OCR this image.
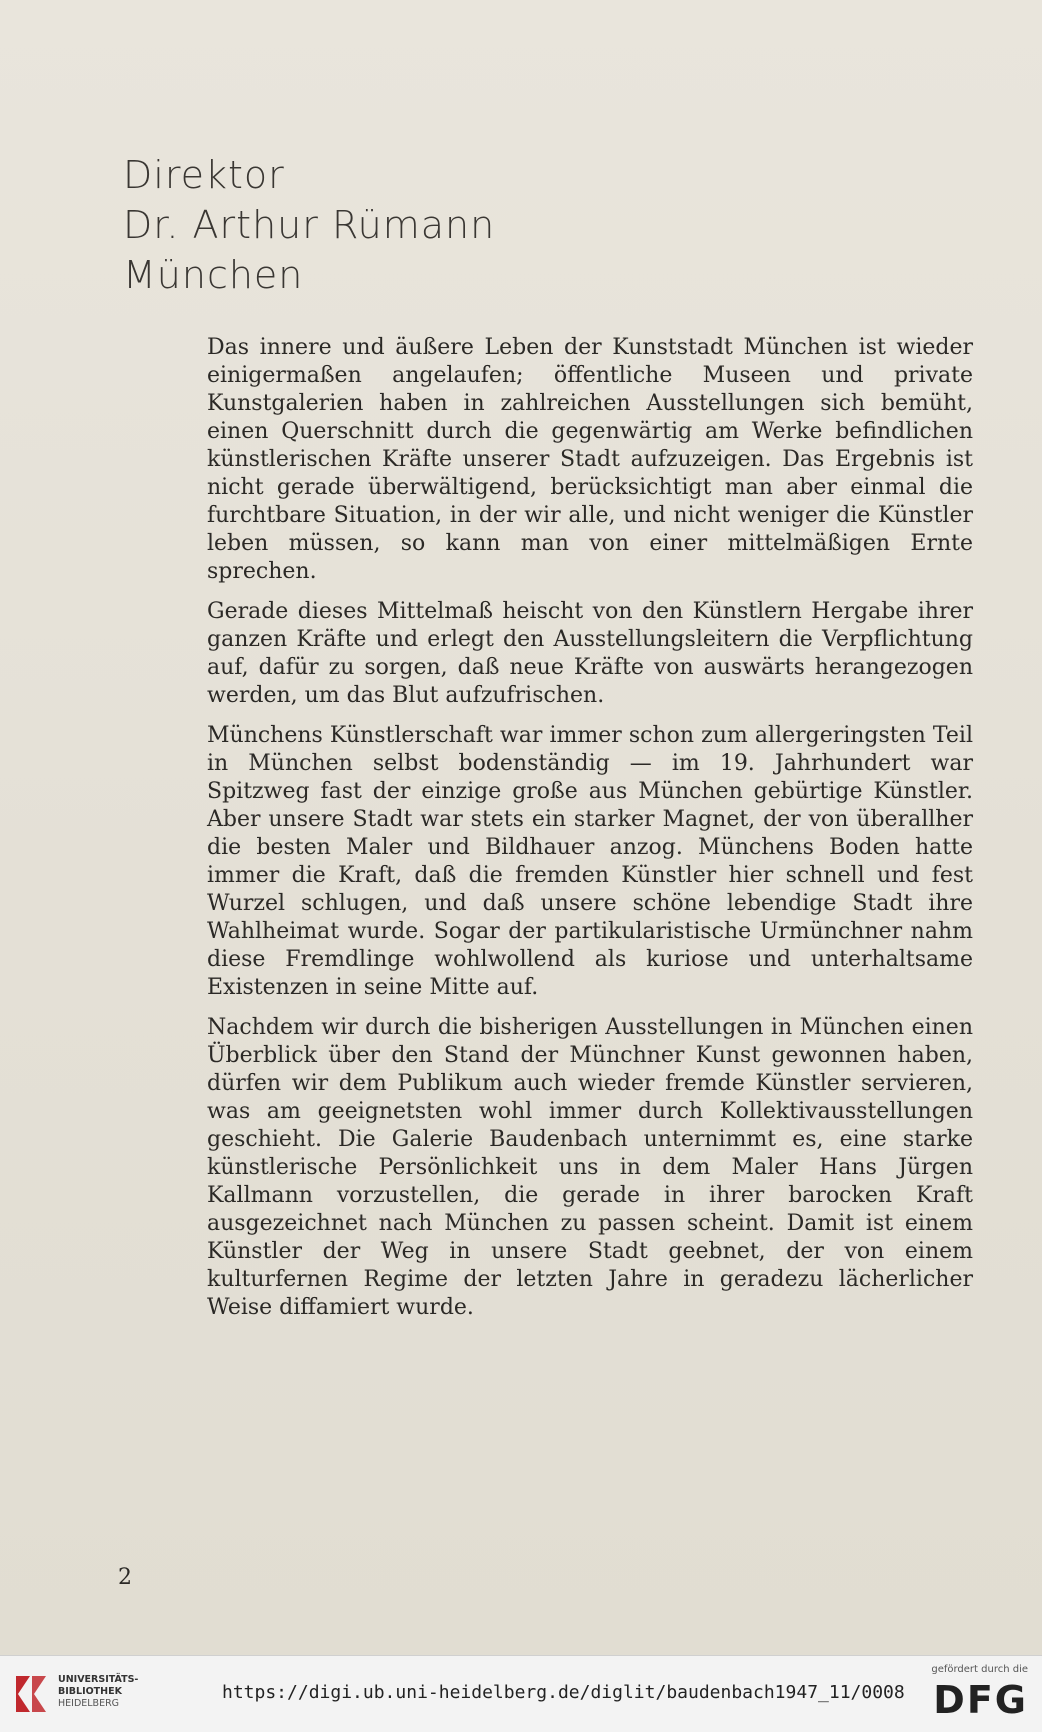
Direktor
Dr. Arthur Rümann
München

Das innere und äußere Leben der Kunststadt München ist wieder einigermaßen angelaufen; öffentliche Museen und private Kunstgalerien haben in zahlreichen Ausstellungen sich bemüht, einen Querschnitt durch die gegenwärtig am Werke befindlichen künstlerischen Kräfte unserer Stadt aufzuzeigen. Das Ergebnis ist nicht gerade überwältigend, berücksichtigt man aber einmal die furchtbare Situation, in der wir alle, und nicht weniger die Künstler leben müssen, so kann man von einer mittelmäßigen Ernte sprechen.

Gerade dieses Mittelmaß heischt von den Künstlern Hergabe ihrer ganzen Kräfte und erlegt den Ausstellungsleitern die Verpflichtung auf, dafür zu sorgen, daß neue Kräfte von auswärts herangezogen werden, um das Blut aufzufrischen.

Münchens Künstlerschaft war immer schon zum allergeringsten Teil in München selbst bodenständig — im 19. Jahrhundert war Spitzweg fast der einzige große aus München gebürtige Künstler. Aber unsere Stadt war stets ein starker Magnet, der von überallher die besten Maler und Bildhauer anzog. Münchens Boden hatte immer die Kraft, daß die fremden Künstler hier schnell und fest Wurzel schlugen, und daß unsere schöne lebendige Stadt ihre Wahlheimat wurde. Sogar der partikularistische Urmünchner nahm diese Fremdlinge wohlwollend als kuriose und unterhaltsame Existenzen in seine Mitte auf.

Nachdem wir durch die bisherigen Ausstellungen in München einen Überblick über den Stand der Münchner Kunst gewonnen haben, dürfen wir dem Publikum auch wieder fremde Künstler servieren, was am geeignetsten wohl immer durch Kollektivausstellungen geschieht. Die Galerie Baudenbach unternimmt es, eine starke künstlerische Persönlichkeit uns in dem Maler Hans Jürgen Kallmann vorzustellen, die gerade in ihrer barocken Kraft ausgezeichnet nach München zu passen scheint. Damit ist einem Künstler der Weg in unsere Stadt geebnet, der von einem kulturfernen Regime der letzten Jahre in geradezu lächerlicher Weise diffamiert wurde.

2
UNIVERSITÄTS-
BIBLIOTHEK
HEIDELBERG
https://digi.ub.uni-heidelberg.de/diglit/baudenbach1947_11/0008
gefördert durch die
DFG
